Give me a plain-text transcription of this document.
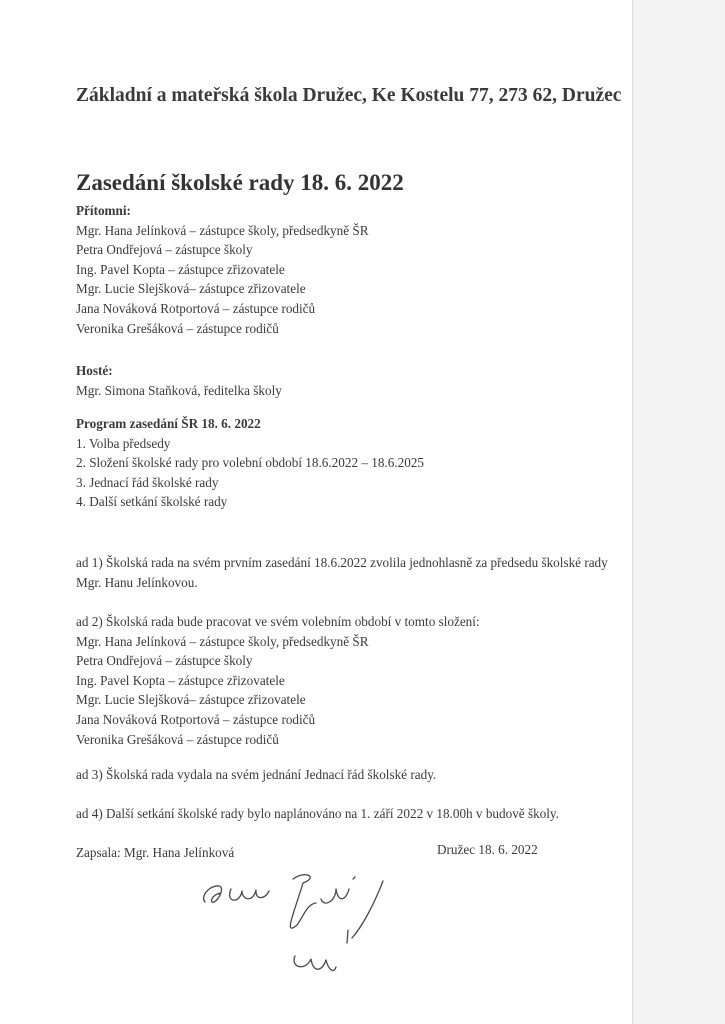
Základní a mateřská škola Družec, Ke Kostelu 77, 273 62, Družec
Zasedání školské rady 18. 6. 2022
Přítomni:
Mgr. Hana Jelínková – zástupce školy, předsedkyně ŠR
Petra Ondřejová – zástupce školy
Ing. Pavel Kopta – zástupce zřizovatele
Mgr. Lucie Slejšková– zástupce zřizovatele
Jana Nováková Rotportová – zástupce rodičů
Veronika Grešáková – zástupce rodičů
Hosté:
Mgr. Simona Staňková, ředitelka školy
Program zasedání ŠR 18. 6. 2022
1. Volba předsedy
2. Složení školské rady pro volební období 18.6.2022 – 18.6.2025
3. Jednací řád školské rady
4. Další setkání školské rady
ad 1) Školská rada na svém prvním zasedání 18.6.2022 zvolila jednohlasně za předsedu školské rady Mgr. Hanu Jelínkovou.
ad 2) Školská rada bude pracovat ve svém volebním období v tomto složení:
Mgr. Hana Jelínková – zástupce školy, předsedkyně ŠR
Petra Ondřejová – zástupce školy
Ing. Pavel Kopta – zástupce zřizovatele
Mgr. Lucie Slejšková– zástupce zřizovatele
Jana Nováková Rotportová – zástupce rodičů
Veronika Grešáková – zástupce rodičů
ad 3) Školská rada vydala na svém jednání Jednací řád školské rady.
ad 4) Další setkání školské rady bylo naplánováno na 1. září 2022 v 18.00h v budově školy.
Zapsala: Mgr. Hana Jelínková	Družec 18. 6. 2022
